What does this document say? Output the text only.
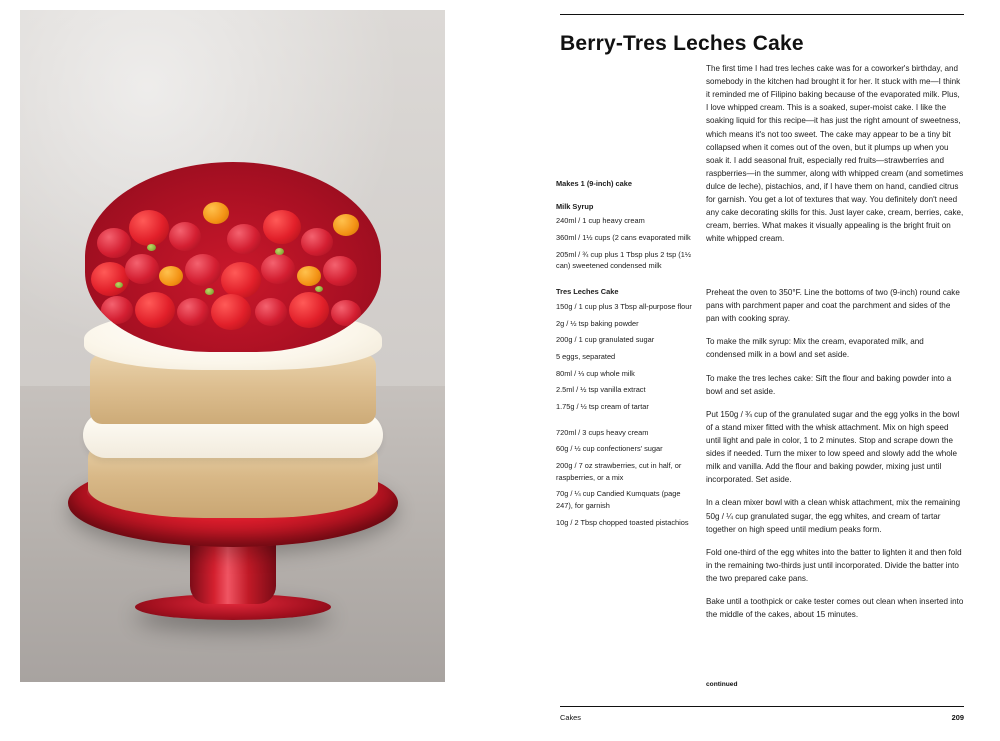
Berry-Tres Leches Cake
The first time I had tres leches cake was for a coworker's birthday, and somebody in the kitchen had brought it for her. It stuck with me—I think it reminded me of Filipino baking because of the evaporated milk. Plus, I love whipped cream. This is a soaked, super-moist cake. I like the soaking liquid for this recipe—it has just the right amount of sweetness, which means it's not too sweet. The cake may appear to be a tiny bit collapsed when it comes out of the oven, but it plumps up when you soak it. I add seasonal fruit, especially red fruits—strawberries and raspberries—in the summer, along with whipped cream (and sometimes dulce de leche), pistachios, and, if I have them on hand, candied citrus for garnish. You get a lot of textures that way. You definitely don't need any cake decorating skills for this. Just layer cake, cream, berries, cake, cream, berries. What makes it visually appealing is the bright fruit on white whipped cream.
Makes 1 (9-inch) cake
Milk Syrup
240ml / 1 cup heavy cream
360ml / 1½ cups (2 cans evaporated milk
205ml / ¾ cup plus 1 Tbsp plus 2 tsp (1½ can) sweetened condensed milk
Tres Leches Cake
150g / 1 cup plus 3 Tbsp all-purpose flour
2g / ½ tsp baking powder
200g / 1 cup granulated sugar
5 eggs, separated
80ml / ⅓ cup whole milk
2.5ml / ½ tsp vanilla extract
1.75g / ½ tsp cream of tartar
720ml / 3 cups heavy cream
60g / ½ cup confectioners' sugar
200g / 7 oz strawberries, cut in half, or raspberries, or a mix
70g / ¼ cup Candied Kumquats (page 247), for garnish
10g / 2 Tbsp chopped toasted pistachios

Preheat the oven to 350°F. Line the bottoms of two (9-inch) round cake pans with parchment paper and coat the parchment and sides of the pan with cooking spray.

To make the milk syrup: Mix the cream, evaporated milk, and condensed milk in a bowl and set aside.

To make the tres leches cake: Sift the flour and baking powder into a bowl and set aside.

Put 150g / ¾ cup of the granulated sugar and the egg yolks in the bowl of a stand mixer fitted with the whisk attachment. Mix on high speed until light and pale in color, 1 to 2 minutes. Stop and scrape down the sides if needed. Turn the mixer to low speed and slowly add the whole milk and vanilla. Add the flour and baking powder, mixing just until incorporated. Set aside.

In a clean mixer bowl with a clean whisk attachment, mix the remaining 50g / ¼ cup granulated sugar, the egg whites, and cream of tartar together on high speed until medium peaks form.

Fold one-third of the egg whites into the batter to lighten it and then fold in the remaining two-thirds just until incorporated. Divide the batter into the two prepared cake pans.

Bake until a toothpick or cake tester comes out clean when inserted into the middle of the cakes, about 15 minutes.

continued
Cakes	209
